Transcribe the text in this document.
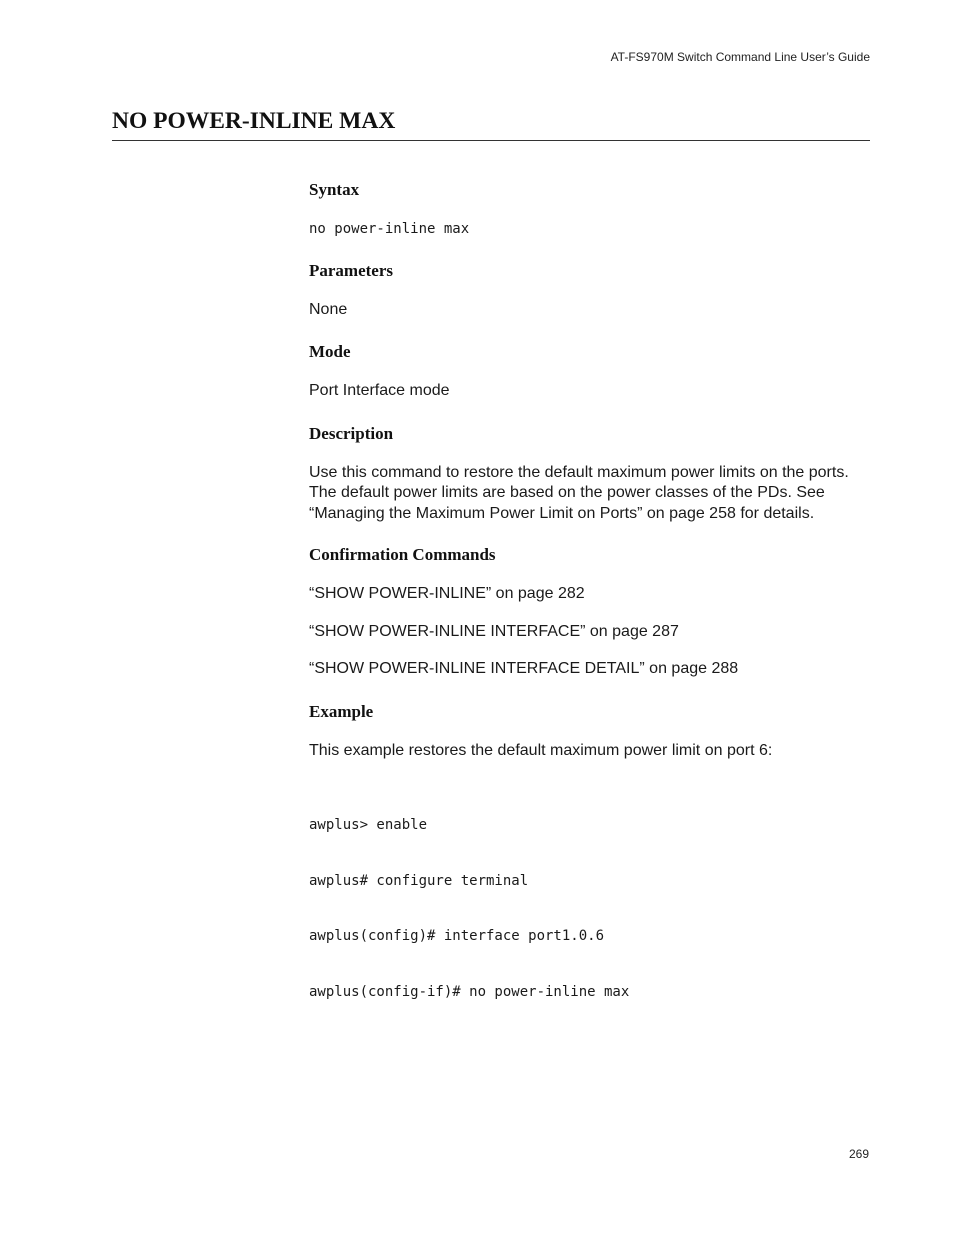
AT-FS970M Switch Command Line User’s Guide
NO POWER-INLINE MAX
Syntax

no power-inline max

Parameters

None

Mode

Port Interface mode

Description

Use this command to restore the default maximum power limits on the ports. The default power limits are based on the power classes of the PDs. See “Managing the Maximum Power Limit on Ports” on page 258 for details.

Confirmation Commands

“SHOW POWER-INLINE” on page 282

“SHOW POWER-INLINE INTERFACE” on page 287

“SHOW POWER-INLINE INTERFACE DETAIL” on page 288

Example

This example restores the default maximum power limit on port 6:

awplus> enable

awplus# configure terminal

awplus(config)# interface port1.0.6

awplus(config-if)# no power-inline max

269
